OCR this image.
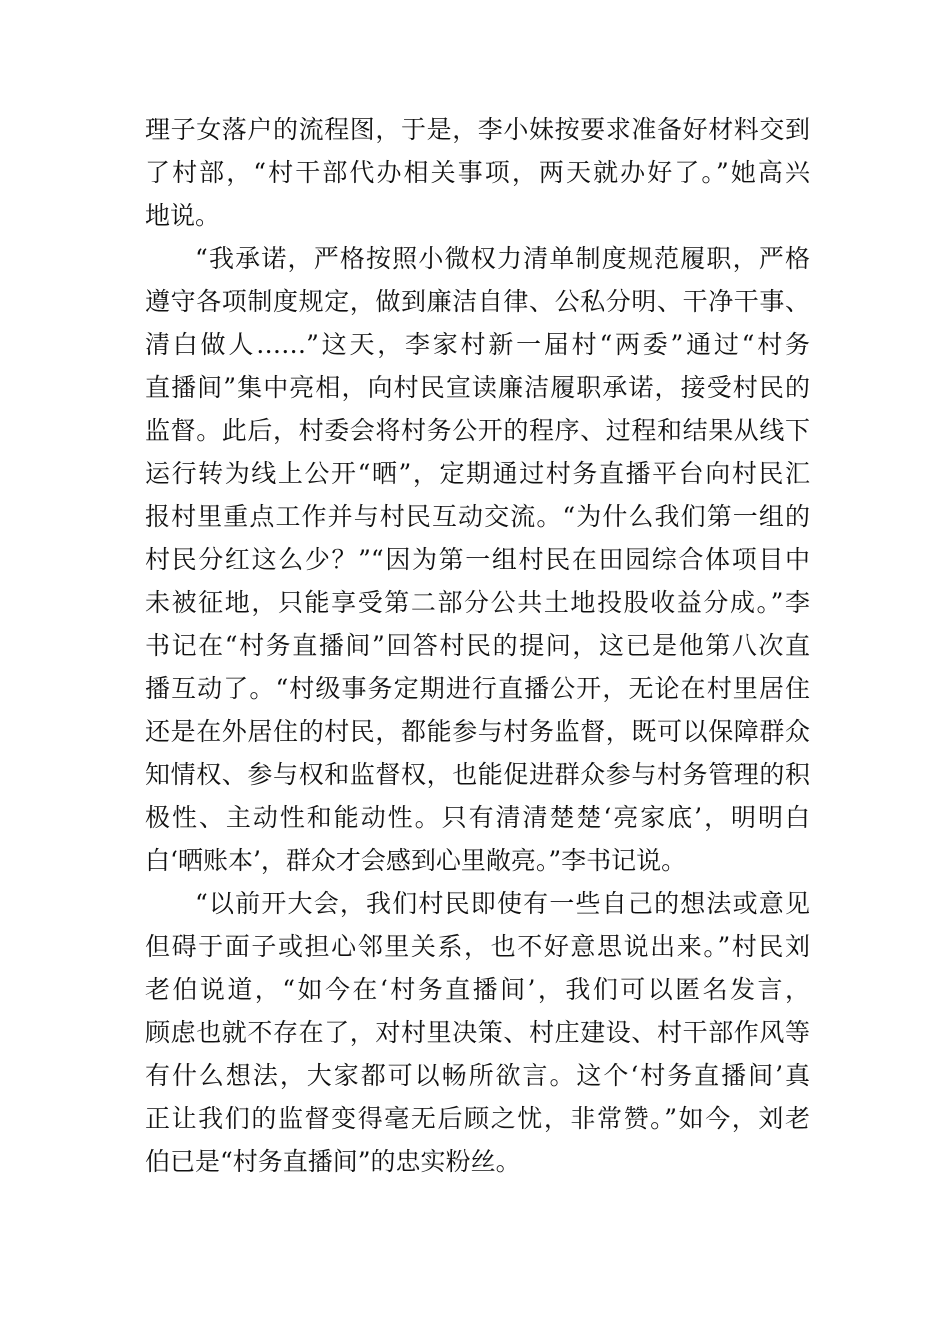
理子女落户的流程图，于是，李小妹按要求准备好材料交到
了村部，“村干部代办相关事项，两天就办好了。”她高兴
地说。
“我承诺，严格按照小微权力清单制度规范履职，严格
遵守各项制度规定，做到廉洁自律、公私分明、干净干事、
清白做人……”这天，李家村新一届村“两委”通过“村务
直播间”集中亮相，向村民宣读廉洁履职承诺，接受村民的
监督。此后，村委会将村务公开的程序、过程和结果从线下
运行转为线上公开“晒”，定期通过村务直播平台向村民汇
报村里重点工作并与村民互动交流。“为什么我们第一组的
村民分红这么少？”“因为第一组村民在田园综合体项目中
未被征地，只能享受第二部分公共土地投股收益分成。”李
书记在“村务直播间”回答村民的提问，这已是他第八次直
播互动了。“村级事务定期进行直播公开，无论在村里居住
还是在外居住的村民，都能参与村务监督，既可以保障群众
知情权、参与权和监督权，也能促进群众参与村务管理的积
极性、主动性和能动性。只有清清楚楚‘亮家底’，明明白
白‘晒账本’，群众才会感到心里敞亮。”李书记说。
“以前开大会，我们村民即使有一些自己的想法或意见
但碍于面子或担心邻里关系，也不好意思说出来。”村民刘
老伯说道，“如今在‘村务直播间’，我们可以匿名发言，
顾虑也就不存在了，对村里决策、村庄建设、村干部作风等
有什么想法，大家都可以畅所欲言。这个‘村务直播间’真
正让我们的监督变得毫无后顾之忧，非常赞。”如今，刘老
伯已是“村务直播间”的忠实粉丝。
